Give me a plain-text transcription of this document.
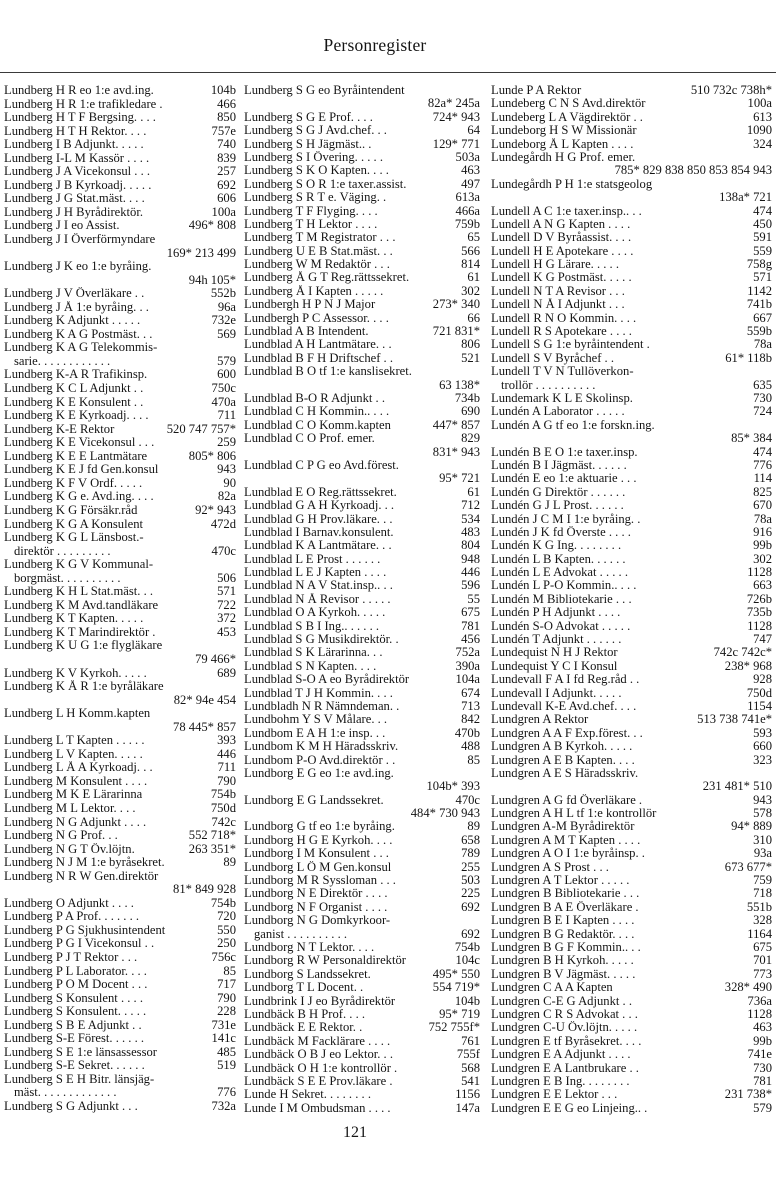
Personregister
Lundberg H R eo 1:e avd.ing.	104b
Lundberg H R 1:e trafikledare .	466
Lundberg H T F Bergsing. . . .	850
Lundberg H T H Rektor. . . .	757e
Lundberg I B Adjunkt. . . . .	740
Lundberg I-L M Kassör . . . .	839
Lundberg J A Vicekonsul . . .	257
Lundberg J B Kyrkoadj. . . . .	692
Lundberg J G Stat.mäst. . . .	606
Lundberg J H Byrådirektör.	100a
Lundberg J I eo Assist.	496* 808
Lundberg J I Överförmyndare
169* 213 499
Lundberg J K eo 1:e byråing.
94h 105*
Lundberg J V Överläkare . .	552b
Lundberg J Å 1:e byråing. . .	96a
Lundberg K Adjunkt . . . . .	732e
Lundberg K A G Postmäst. . .	569
Lundberg K A G Telekommis-
sarie. . . . . . . . . . . .	579
Lundberg K-A R Trafikinsp.	600
Lundberg K C L Adjunkt . .	750c
Lundberg K E Konsulent . .	470a
Lundberg K E Kyrkoadj. . . .	711
Lundberg K-E Rektor	520 747 757*
Lundberg K E Vicekonsul . . .	259
Lundberg K E E Lantmätare	805* 806
Lundberg K E J fd Gen.konsul	943
Lundberg K F V Ordf. . . . .	90
Lundberg K G e. Avd.ing. . . .	82a
Lundberg K G Försäkr.råd	92* 943
Lundberg K G A Konsulent	472d
Lundberg K G L Länsbost.-
direktör . . . . . . . . .	470c
Lundberg K G V Kommunal-
borgmäst. . . . . . . . . .	506
Lundberg K H L Stat.mäst. . .	571
Lundberg K M Avd.tandläkare	722
Lundberg K T Kapten. . . . .	372
Lundberg K T Marindirektör .	453
Lundberg K U G 1:e flygläkare
79 466*
Lundberg K V Kyrkoh. . . . .	689
Lundberg K Å R 1:e byråläkare
82* 94e 454
Lundberg L H Komm.kapten
78 445* 857
Lundberg L T Kapten . . . . .	393
Lundberg L V Kapten. . . . .	446
Lundberg L Å A Kyrkoadj. . .	711
Lundberg M Konsulent . . . .	790
Lundberg M K E Lärarinna	754b
Lundberg M L Lektor. . . .	750d
Lundberg N G Adjunkt . . . .	742c
Lundberg N G Prof. . .	552 718*
Lundberg N G T Öv.löjtn.	263 351*
Lundberg N J M 1:e byråsekret.	89
Lundberg N R W Gen.direktör
81* 849 928
Lundberg O Adjunkt . . . .	754b
Lundberg P A Prof. . . . . . .	720
Lundberg P G Sjukhusintendent	550
Lundberg P G I Vicekonsul . .	250
Lundberg P J T Rektor . . .	756c
Lundberg P L Laborator. . . .	85
Lundberg P O M Docent . . .	717
Lundberg S Konsulent . . . .	790
Lundberg S Konsulent. . . . .	228
Lundberg S B E Adjunkt . .	731e
Lundberg S-E Förest. . . . . .	141c
Lundberg S E 1:e länsassessor	485
Lundberg S-E Sekret. . . . . .	519
Lundberg S E H Bitr. länsjäg-
mäst. . . . . . . . . . . . .	776
Lundberg S G Adjunkt . . .	732a
Lundberg S G eo Byråintendent
82a* 245a
Lundberg S G E Prof. . . .	724* 943
Lundberg S G J Avd.chef. . .	64
Lundberg S H Jägmäst.. .	129* 771
Lundberg S I Övering. . . . .	503a
Lundberg S K O Kapten. . . .	463
Lundberg S O R 1:e taxer.assist.	497
Lundberg S R T e. Väging. .	613a
Lundberg T F Flyging. . . .	466a
Lundberg T H Lektor . . . .	759b
Lundberg T M Registrator . . .	65
Lundberg U E B Stat.mäst. . .	566
Lundberg W M Redaktör . . .	814
Lundberg Å G T Reg.rättssekret.	61
Lundberg Å I Kapten . . . . .	302
Lundbergh H P N J Major	273* 340
Lundbergh P C Assessor. . . .	66
Lundblad A B Intendent.	721 831*
Lundblad A H Lantmätare. . .	806
Lundblad B F H Driftschef . .	521
Lundblad B O tf 1:e kanslisekret.
63 138*
Lundblad B-O R Adjunkt . .	734b
Lundblad C H Kommin.. . . .	690
Lundblad C O Komm.kapten	447* 857
Lundblad C O Prof. emer.	829
831* 943
Lundblad C P G eo Avd.förest.
95* 721
Lundblad E O Reg.rättssekret.	61
Lundblad G A H Kyrkoadj. . .	712
Lundblad G H Prov.läkare. . .	534
Lundblad I Barnav.konsulent.	483
Lundblad K A Lantmätare. . .	804
Lundblad L E Prost . . . . . .	948
Lundblad L E J Kapten . . . .	446
Lundblad N A V Stat.insp.. . .	596
Lundblad N Å Revisor . . . . .	55
Lundblad O A Kyrkoh. . . . .	675
Lundblad S B I Ing.. . . . . .	781
Lundblad S G Musikdirektör. .	456
Lundblad S K Lärarinna. . .	752a
Lundblad S N Kapten. . . .	390a
Lundblad S-O A eo Byrådirektör	104a
Lundblad T J H Kommin. . . .	674
Lundbladh N R Nämndeman. .	713
Lundbohm Y S V Målare. . .	842
Lundbom E A H 1:e insp. . .	470b
Lundbom K M H Häradsskriv.	488
Lundbom P-O Avd.direktör . .	85
Lundborg E G eo 1:e avd.ing.
104b* 393
Lundborg E G Landssekret.	470c
484* 730 943
Lundborg G tf eo 1:e byråing.	89
Lundborg H G E Kyrkoh. . . .	658
Lundborg I M Konsulent . . .	789
Lundborg L Ö M Gen.konsul	255
Lundborg M R Syssloman . . .	503
Lundborg N E Direktör . . . .	225
Lundborg N F Organist . . . .	692
Lundborg N G Domkyrkoor-
ganist . . . . . . . . . .	692
Lundborg N T Lektor. . . .	754b
Lundborg R W Personaldirektör	104c
Lundborg S Landssekret.	495* 550
Lundborg T L Docent. .	554 719*
Lundbrink I J eo Byrådirektör	104b
Lundbäck B H Prof. . . .	95* 719
Lundbäck E E Rektor. .	752 755f*
Lundbäck M Facklärare . . . .	761
Lundbäck O B J eo Lektor. . .	755f
Lundbäck O H 1:e kontrollör .	568
Lundbäck S E E Prov.läkare .	541
Lunde H Sekret. . . . . . . .	1156
Lunde I M Ombudsman . . . .	147a
Lunde P A Rektor	510 732c 738h*
Lundeberg C N S Avd.direktör	100a
Lundeberg L A Vägdirektör . .	613
Lundeborg H S W Missionär	1090
Lundeborg Å L Kapten . . . .	324
Lundegårdh H G Prof. emer.
785* 829 838 850 853 854 943
Lundegårdh P H 1:e statsgeolog
138a* 721
Lundell A C 1:e taxer.insp.. . .	474
Lundell A N G Kapten . . . .	450
Lundell D V Byråassist. . . .	591
Lundell H E Apotekare . . . .	559
Lundell H G Lärare. . . . .	758g
Lundell K G Postmäst. . . . .	571
Lundell N T A Revisor . . .	1142
Lundell N Å I Adjunkt . . .	741b
Lundell R N O Kommin. . . .	667
Lundell R S Apotekare . . . .	559b
Lundell S G 1:e byråintendent .	78a
Lundell S V Byråchef . .	61* 118b
Lundell T V N Tullöverkon-
trollör . . . . . . . . . .	635
Lundemark K L E Skolinsp.	730
Lundén A Laborator . . . . .	724
Lundén A G tf eo 1:e forskn.ing.
85* 384
Lundén B E O 1:e taxer.insp.	474
Lundén B I Jägmäst. . . . . .	776
Lundén E eo 1:e aktuarie . . .	114
Lundén G Direktör . . . . . .	825
Lundén G J L Prost. . . . . .	670
Lundén J C M I 1:e byråing. .	78a
Lundén J K fd Överste . . . .	916
Lundén K G Ing. . . . . . . .	99b
Lundén L B Kapten. . . . . .	302
Lundén L E Advokat . . . . .	1128
Lundén L P-O Kommin.. . . .	663
Lundén M Bibliotekarie . . .	726b
Lundén P H Adjunkt . . . .	735b
Lundén S-O Advokat . . . . .	1128
Lundén T Adjunkt . . . . . .	747
Lundequist N H J Rektor	742c 742c*
Lundequist Y C I Konsul	238* 968
Lundevall F A I fd Reg.råd . .	928
Lundevall I Adjunkt. . . . .	750d
Lundevall K-E Avd.chef. . . .	1154
Lundgren A Rektor	513 738 741e*
Lundgren A A F Exp.förest. . .	593
Lundgren A B Kyrkoh. . . . .	660
Lundgren A E B Kapten. . . .	323
Lundgren A E S Häradsskriv.
231 481* 510
Lundgren A G fd Överläkare .	943
Lundgren A H L tf 1:e kontrollör	578
Lundgren A-M Byrådirektör	94* 889
Lundgren A M T Kapten . . . .	310
Lundgren A O I 1:e byråinsp. .	93a
Lundgren A S Prost . . .	673 677*
Lundgren A T Lektor . . . . .	759
Lundgren B Bibliotekarie . . .	718
Lundgren B A E Överläkare .	551b
Lundgren B E I Kapten . . . .	328
Lundgren B G Redaktör. . . .	1164
Lundgren B G F Kommin.. . .	675
Lundgren B H Kyrkoh. . . . .	701
Lundgren B V Jägmäst. . . . .	773
Lundgren C A A Kapten	328* 490
Lundgren C-E G Adjunkt . .	736a
Lundgren C R S Advokat . . .	1128
Lundgren C-U Öv.löjtn. . . . .	463
Lundgren E tf Byråsekret. . . .	99b
Lundgren E A Adjunkt . . . .	741e
Lundgren E A Lantbrukare . .	730
Lundgren E B Ing. . . . . . . .	781
Lundgren E E Lektor . . .	231 738*
Lundgren E E G eo Linjeing.. .	579
121
